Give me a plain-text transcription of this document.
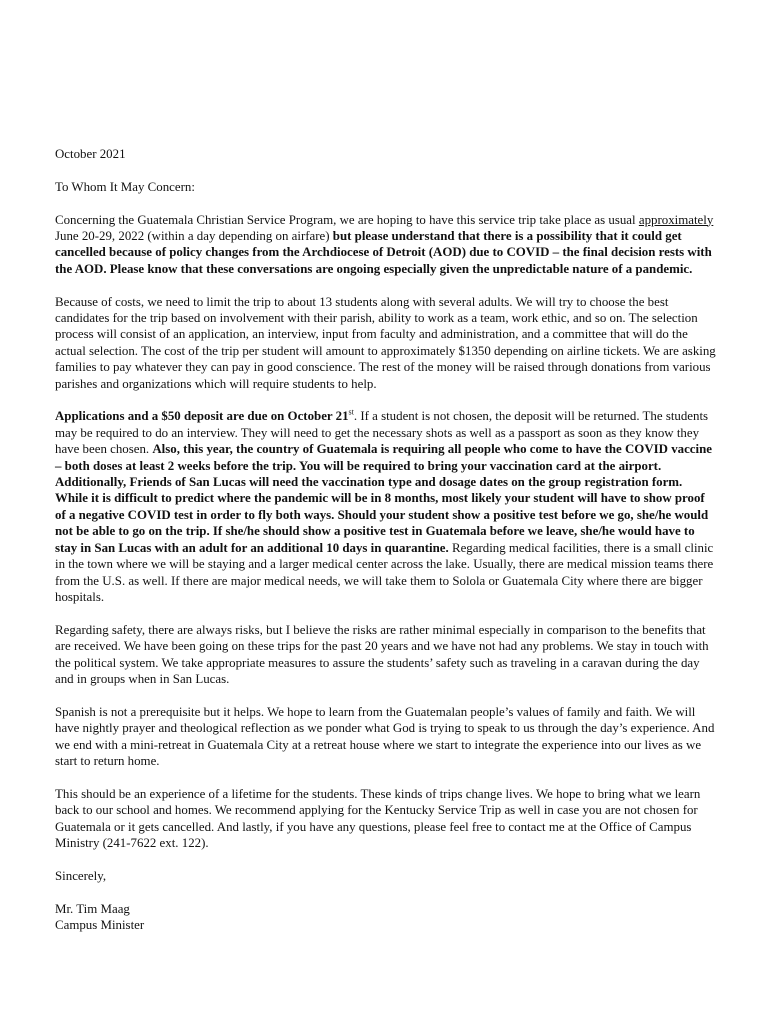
October 2021

To Whom It May Concern:

Concerning the Guatemala Christian Service Program, we are hoping to have this service trip take place as usual approximately June 20-29, 2022 (within a day depending on airfare) but please understand that there is a possibility that it could get cancelled because of policy changes from the Archdiocese of Detroit (AOD) due to COVID – the final decision rests with the AOD. Please know that these conversations are ongoing especially given the unpredictable nature of a pandemic.

Because of costs, we need to limit the trip to about 13 students along with several adults. We will try to choose the best candidates for the trip based on involvement with their parish, ability to work as a team, work ethic, and so on. The selection process will consist of an application, an interview, input from faculty and administration, and a committee that will do the actual selection. The cost of the trip per student will amount to approximately $1350 depending on airline tickets. We are asking families to pay whatever they can pay in good conscience. The rest of the money will be raised through donations from various parishes and organizations which will require students to help.

Applications and a $50 deposit are due on October 21st. If a student is not chosen, the deposit will be returned. The students may be required to do an interview. They will need to get the necessary shots as well as a passport as soon as they know they have been chosen. Also, this year, the country of Guatemala is requiring all people who come to have the COVID vaccine – both doses at least 2 weeks before the trip. You will be required to bring your vaccination card at the airport. Additionally, Friends of San Lucas will need the vaccination type and dosage dates on the group registration form. While it is difficult to predict where the pandemic will be in 8 months, most likely your student will have to show proof of a negative COVID test in order to fly both ways. Should your student show a positive test before we go, she/he would not be able to go on the trip. If she/he should show a positive test in Guatemala before we leave, she/he would have to stay in San Lucas with an adult for an additional 10 days in quarantine. Regarding medical facilities, there is a small clinic in the town where we will be staying and a larger medical center across the lake. Usually, there are medical mission teams there from the U.S. as well. If there are major medical needs, we will take them to Solola or Guatemala City where there are bigger hospitals.

Regarding safety, there are always risks, but I believe the risks are rather minimal especially in comparison to the benefits that are received. We have been going on these trips for the past 20 years and we have not had any problems. We stay in touch with the political system. We take appropriate measures to assure the students’ safety such as traveling in a caravan during the day and in groups when in San Lucas.

Spanish is not a prerequisite but it helps. We hope to learn from the Guatemalan people’s values of family and faith. We will have nightly prayer and theological reflection as we ponder what God is trying to speak to us through the day’s experience. And we end with a mini-retreat in Guatemala City at a retreat house where we start to integrate the experience into our lives as we start to return home.

This should be an experience of a lifetime for the students. These kinds of trips change lives. We hope to bring what we learn back to our school and homes. We recommend applying for the Kentucky Service Trip as well in case you are not chosen for Guatemala or it gets cancelled. And lastly, if you have any questions, please feel free to contact me at the Office of Campus Ministry (241-7622 ext. 122).

Sincerely,

Mr. Tim Maag

Campus Minister
